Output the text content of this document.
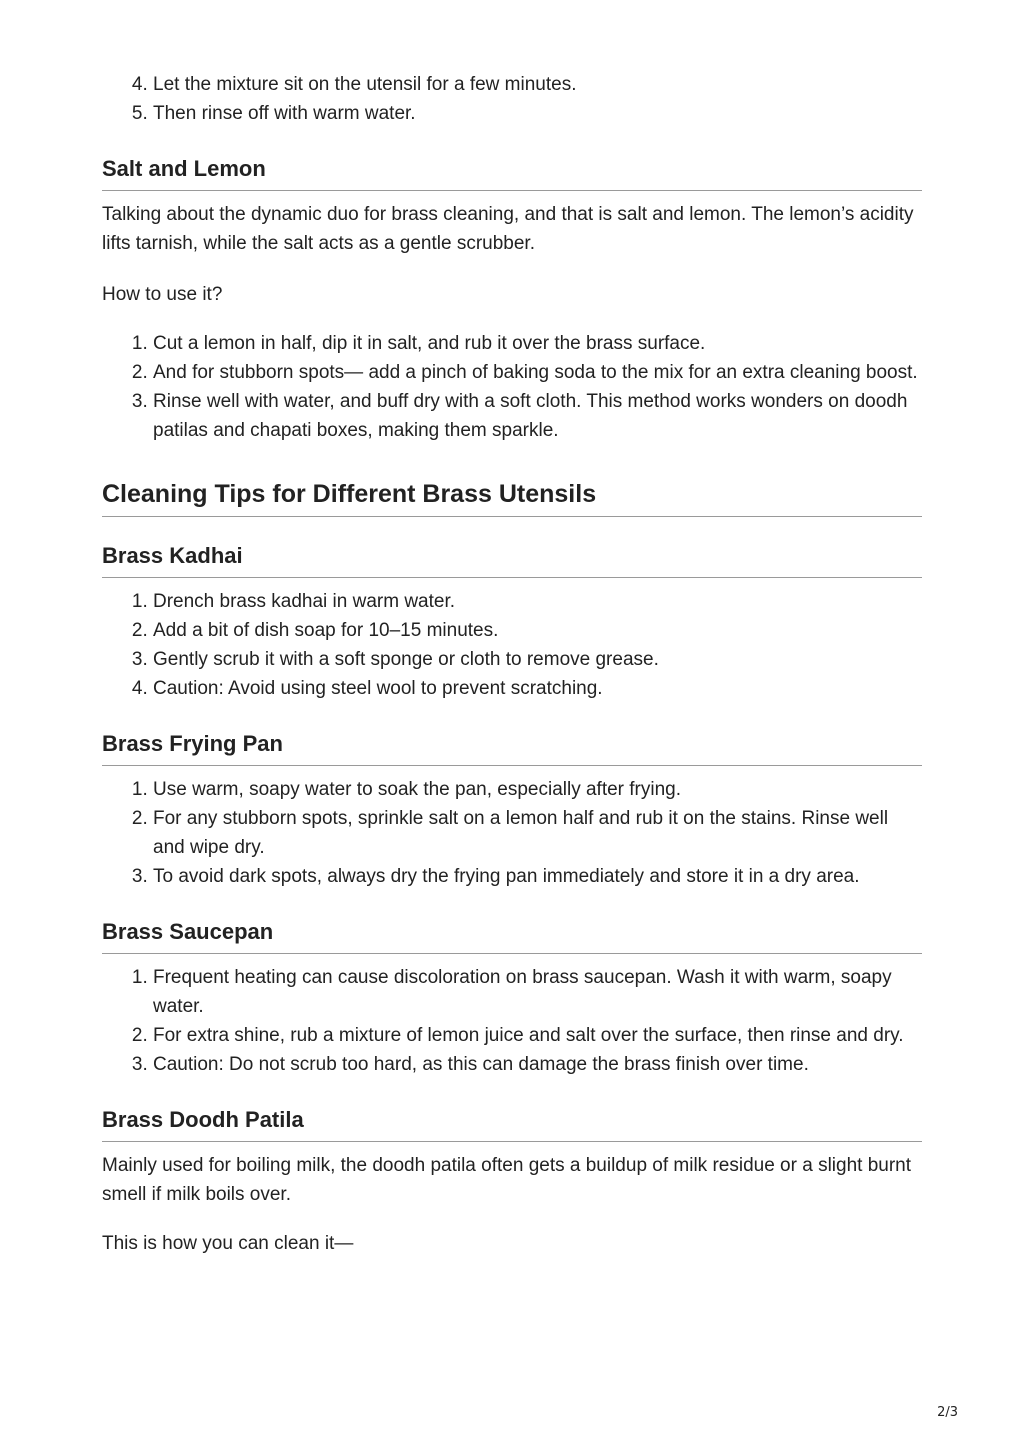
4. Let the mixture sit on the utensil for a few minutes.
5. Then rinse off with warm water.
Salt and Lemon

Talking about the dynamic duo for brass cleaning, and that is salt and lemon. The lemon’s acidity lifts tarnish, while the salt acts as a gentle scrubber.

How to use it?

1. Cut a lemon in half, dip it in salt, and rub it over the brass surface.
2. And for stubborn spots— add a pinch of baking soda to the mix for an extra cleaning boost.
3. Rinse well with water, and buff dry with a soft cloth. This method works wonders on doodh patilas and chapati boxes, making them sparkle.
Cleaning Tips for Different Brass Utensils
Brass Kadhai
1. Drench brass kadhai in warm water.
2. Add a bit of dish soap for 10–15 minutes.
3. Gently scrub it with a soft sponge or cloth to remove grease.
4. Caution: Avoid using steel wool to prevent scratching.
Brass Frying Pan
1. Use warm, soapy water to soak the pan, especially after frying.
2. For any stubborn spots, sprinkle salt on a lemon half and rub it on the stains. Rinse well and wipe dry.
3. To avoid dark spots, always dry the frying pan immediately and store it in a dry area.
Brass Saucepan
1. Frequent heating can cause discoloration on brass saucepan. Wash it with warm, soapy water.
2. For extra shine, rub a mixture of lemon juice and salt over the surface, then rinse and dry.
3. Caution: Do not scrub too hard, as this can damage the brass finish over time.
Brass Doodh Patila

Mainly used for boiling milk, the doodh patila often gets a buildup of milk residue or a slight burnt smell if milk boils over.

This is how you can clean it—

2/3
